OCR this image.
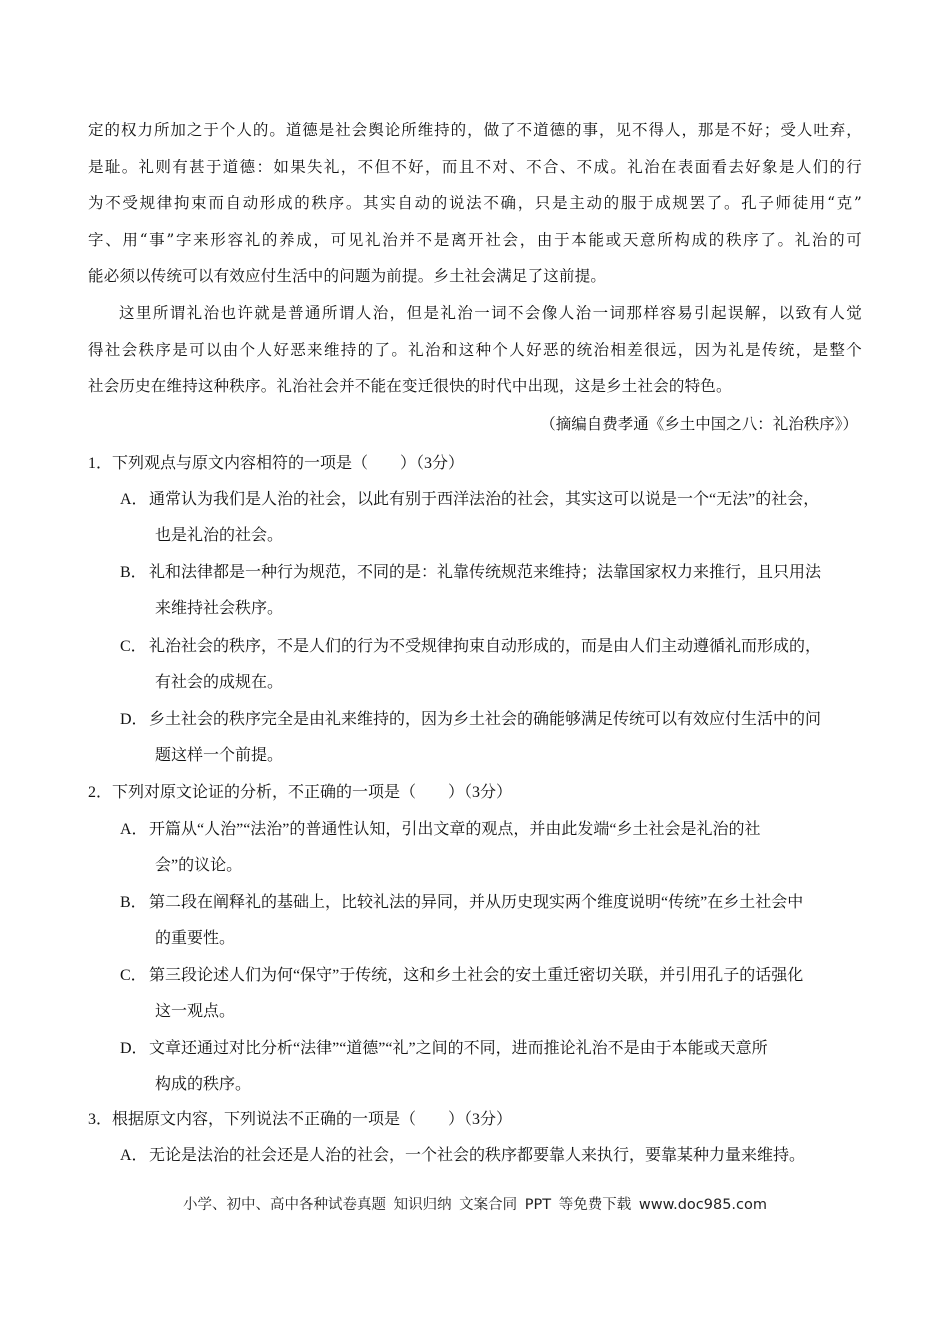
定的权力所加之于个人的。道德是社会舆论所维持的，做了不道德的事，见不得人，那是不好；受人吐弃，
是耻。礼则有甚于道德：如果失礼，不但不好，而且不对、不合、不成。礼治在表面看去好象是人们的行
为不受规律拘束而自动形成的秩序。其实自动的说法不确，只是主动的服于成规罢了。孔子师徒用“克”
字、用“事”字来形容礼的养成，可见礼治并不是离开社会，由于本能或天意所构成的秩序了。礼治的可
能必须以传统可以有效应付生活中的问题为前提。乡土社会满足了这前提。

这里所谓礼治也许就是普通所谓人治，但是礼治一词不会像人治一词那样容易引起误解，以致有人觉
得社会秩序是可以由个人好恶来维持的了。礼治和这种个人好恶的统治相差很远，因为礼是传统，是整个
社会历史在维持这种秩序。礼治社会并不能在变迁很快的时代中出现，这是乡土社会的特色。

（摘编自费孝通《乡土中国之八：礼治秩序》）

1．下列观点与原文内容相符的一项是（　　）（3分）

A．通常认为我们是人治的社会，以此有别于西洋法治的社会，其实这可以说是一个“无法”的社会，
也是礼治的社会。
B． 礼和法律都是一种行为规范，不同的是：礼靠传统规范来维持；法靠国家权力来推行，且只用法
来维持社会秩序。
C． 礼治社会的秩序，不是人们的行为不受规律拘束自动形成的，而是由人们主动遵循礼而形成的，
有社会的成规在。
D．乡土社会的秩序完全是由礼来维持的，因为乡土社会的确能够满足传统可以有效应付生活中的问
题这样一个前提。

2．下列对原文论证的分析，不正确的一项是（　　）（3分）

A．开篇从“人治”“法治”的普通性认知，引出文章的观点，并由此发端“乡土社会是礼治的社
会”的议论。
B． 第二段在阐释礼的基础上，比较礼法的异同，并从历史现实两个维度说明“传统”在乡土社会中
的重要性。
C． 第三段论述人们为何“保守”于传统，这和乡土社会的安土重迁密切关联，并引用孔子的话强化
这一观点。
D．文章还通过对比分析“法律”“道德”“礼”之间的不同，进而推论礼治不是由于本能或天意所
构成的秩序。

3．根据原文内容，下列说法不正确的一项是（　　）（3分）

A．无论是法治的社会还是人治的社会，一个社会的秩序都要靠人来执行，要靠某种力量来维持。
小学、初中、高中各种试卷真题 知识归纳 文案合同 PPT 等免费下载 www.doc985.com
